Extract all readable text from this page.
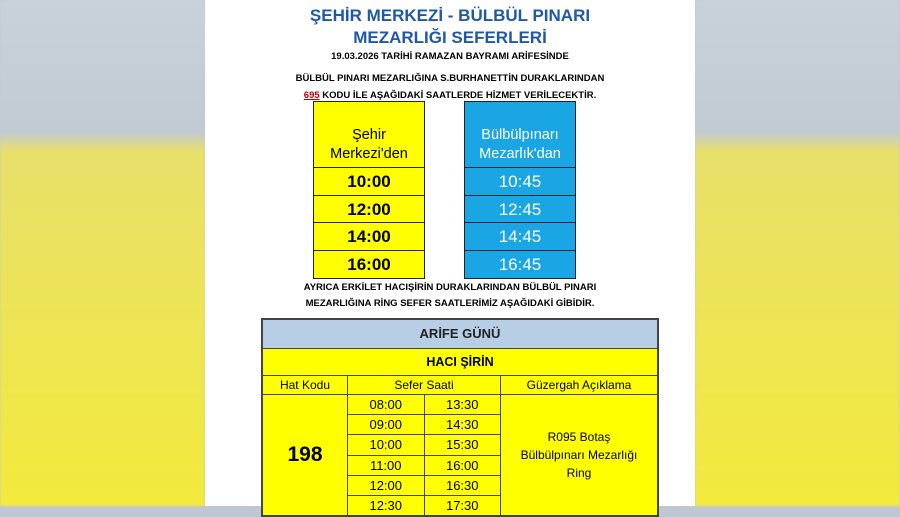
ŞEHİR MERKEZİ - BÜLBÜL PINARI
MEZARLIĞI SEFERLERİ
19.03.2026 TARİHİ RAMAZAN BAYRAMI ARİFESİNDE
BÜLBÜL PINARI MEZARLIĞINA S.BURHANETTİN DURAKLARINDAN
695 KODU İLE AŞAĞIDAKİ SAATLERDE HİZMET VERİLECEKTİR.
Şehir
Merkezi'den
10:00
12:00
14:00
16:00
Bülbülpınarı
Mezarlık'dan
10:45
12:45
14:45
16:45
AYRICA ERKİLET HACIŞİRİN DURAKLARINDAN BÜLBÜL PINARI
MEZARLIĞINA RİNG SEFER SAATLERİMİZ AŞAĞIDAKİ GİBİDİR.
ARİFE GÜNÜ
HACI ŞİRİN
Hat Kodu	Sefer Saati	Güzergah Açıklama
198
08:00	13:30
09:00	14:30
10:00	15:30
11:00	16:00
12:00	16:30
12:30	17:30
R095 Botaş
Bülbülpınarı Mezarlığı
Ring
